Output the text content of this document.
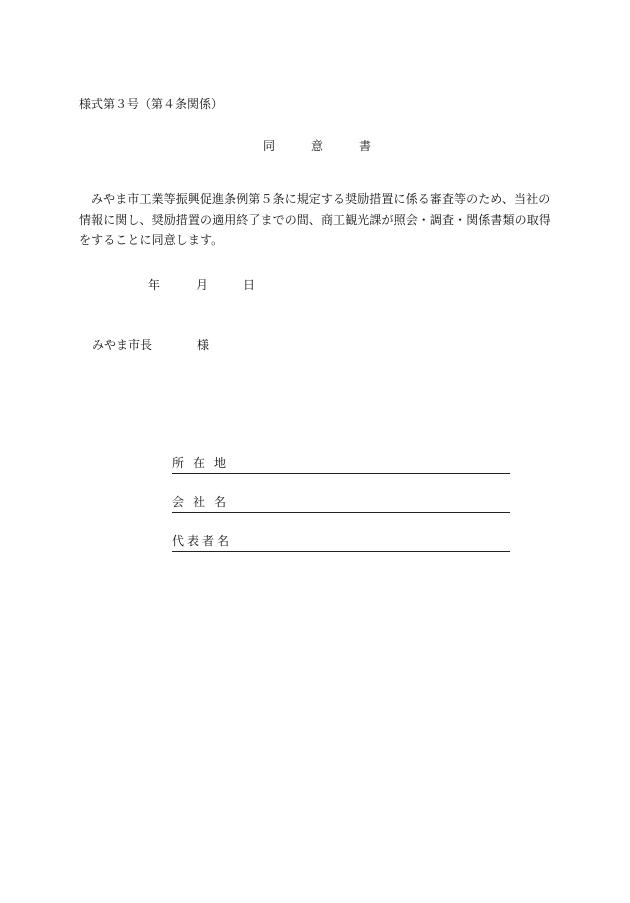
様式第３号（第４条関係）
同	意	書

みやま市工業等振興促進条例第５条に規定する奨励措置に係る審査等のため、当社の情報に関し、奨励措置の適用終了までの間、商工観光課が照会・調査・関係書類の取得をすることに同意します。

年	月	日
みやま市長	様
所在地
会社名
代表者名
